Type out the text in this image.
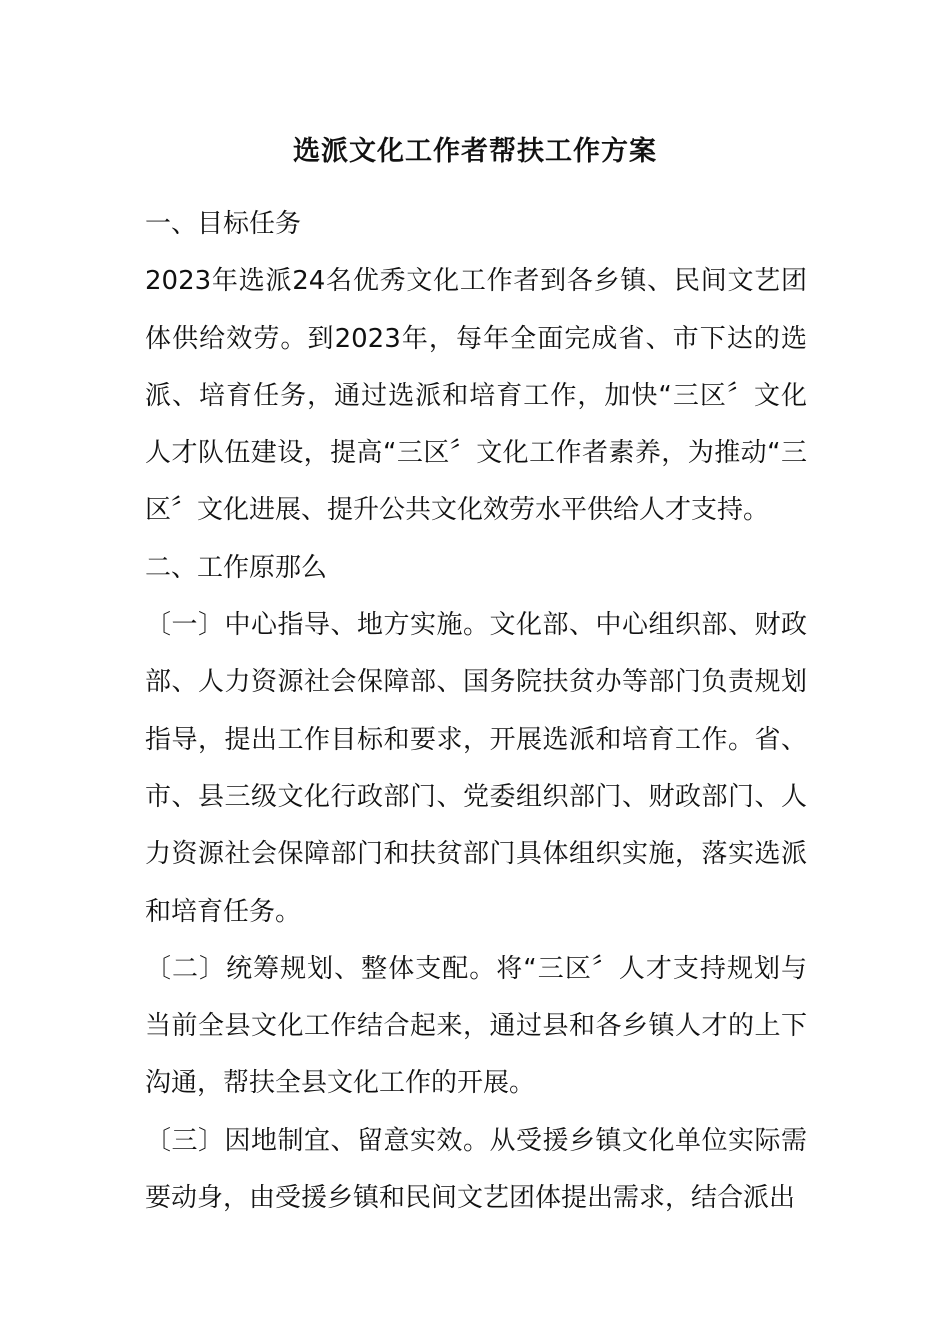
选派文化工作者帮扶工作方案

一、目标任务

2023年选派24名优秀文化工作者到各乡镇、民间文艺团体供给效劳。到2023年，每年全面完成省、市下达的选派、培育任务，通过选派和培育工作，加快“三区〞文化人才队伍建设，提高“三区〞文化工作者素养，为推动“三区〞文化进展、提升公共文化效劳水平供给人才支持。

二、工作原那么

〔一〕中心指导、地方实施。文化部、中心组织部、财政部、人力资源社会保障部、国务院扶贫办等部门负责规划指导，提出工作目标和要求，开展选派和培育工作。省、市、县三级文化行政部门、党委组织部门、财政部门、人力资源社会保障部门和扶贫部门具体组织实施，落实选派和培育任务。

〔二〕统筹规划、整体支配。将“三区〞人才支持规划与当前全县文化工作结合起来，通过县和各乡镇人才的上下沟通，帮扶全县文化工作的开展。

〔三〕因地制宜、留意实效。从受援乡镇文化单位实际需要动身，由受援乡镇和民间文艺团体提出需求，结合派出
